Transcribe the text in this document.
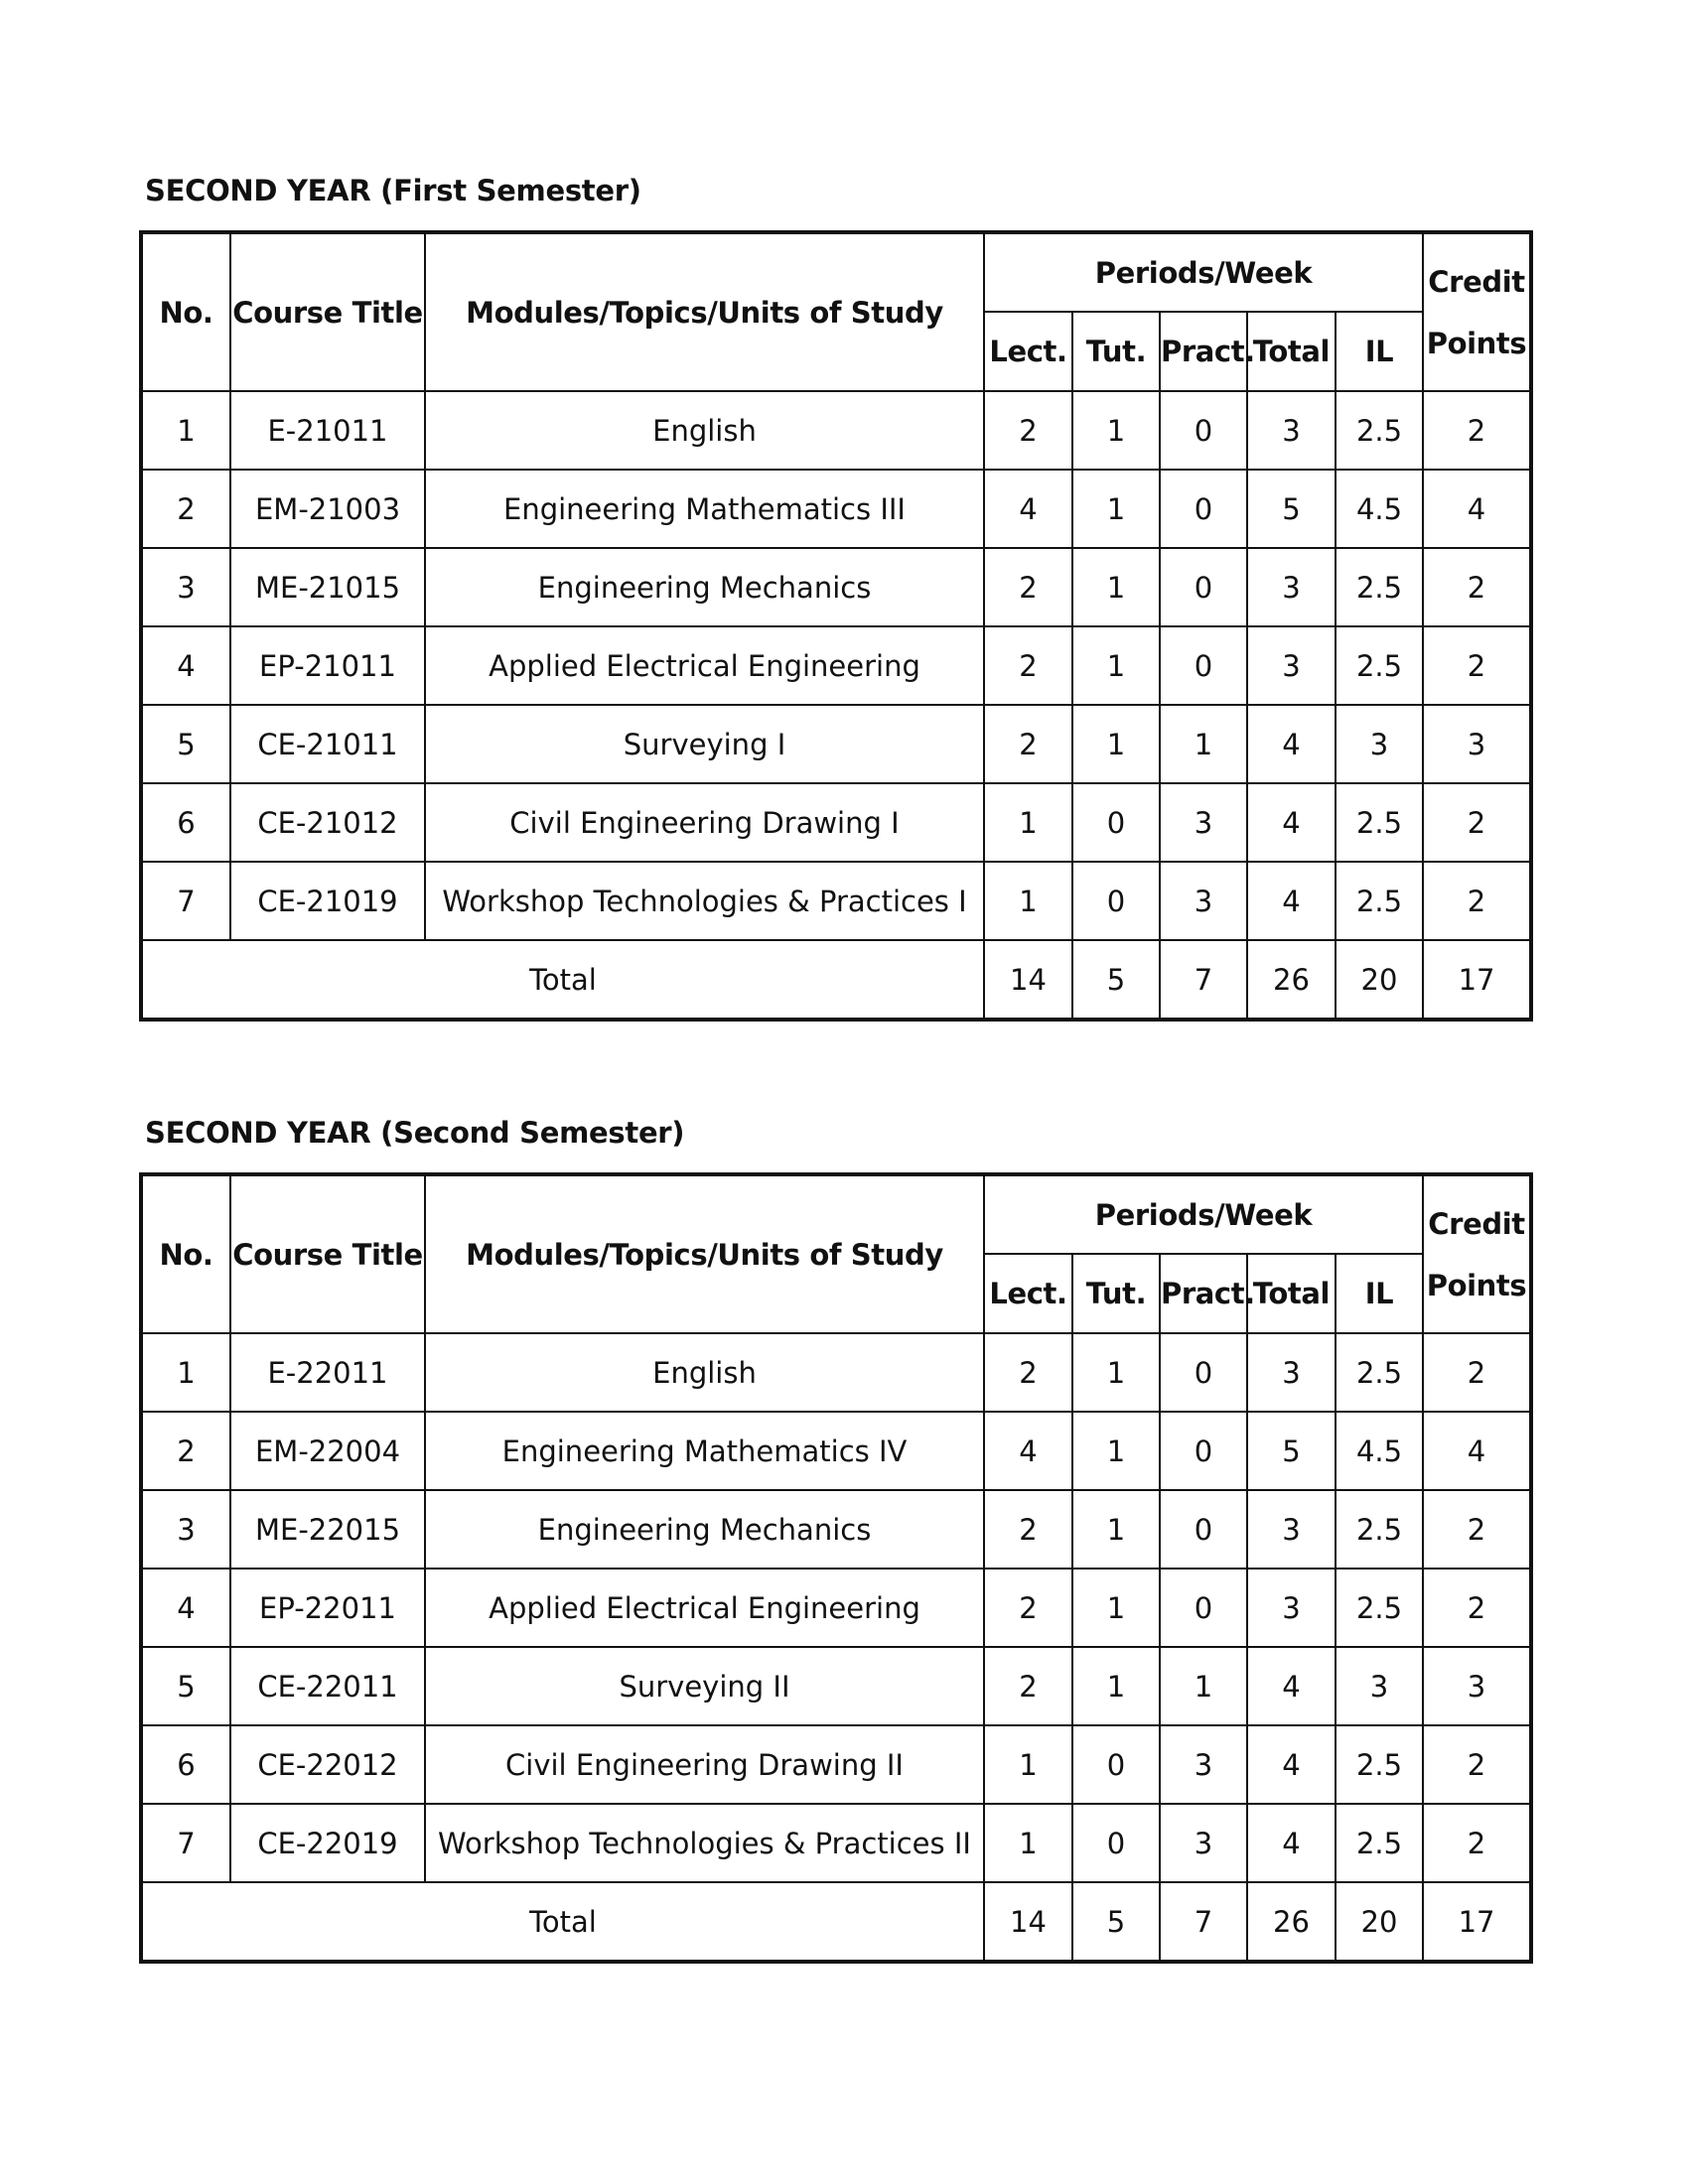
SECOND YEAR (First Semester)
No.	Course Title	Modules/Topics/Units of Study	Periods/Week					Credit
Points
			Lect.	Tut.	Pract.	Total	IL	
1	E-21011	English	2	1	0	3	2.5	2
2	EM-21003	Engineering Mathematics III	4	1	0	5	4.5	4
3	ME-21015	Engineering Mechanics	2	1	0	3	2.5	2
4	EP-21011	Applied Electrical Engineering	2	1	0	3	2.5	2
5	CE-21011	Surveying I	2	1	1	4	3	3
6	CE-21012	Civil Engineering Drawing I	1	0	3	4	2.5	2
7	CE-21019	Workshop Technologies & Practices I	1	0	3	4	2.5	2
Total			14	5	7	26	20	17
SECOND YEAR (Second Semester)
No.	Course Title	Modules/Topics/Units of Study	Periods/Week					Credit
Points
			Lect.	Tut.	Pract.	Total	IL	
1	E-22011	English	2	1	0	3	2.5	2
2	EM-22004	Engineering Mathematics IV	4	1	0	5	4.5	4
3	ME-22015	Engineering Mechanics	2	1	0	3	2.5	2
4	EP-22011	Applied Electrical Engineering	2	1	0	3	2.5	2
5	CE-22011	Surveying II	2	1	1	4	3	3
6	CE-22012	Civil Engineering Drawing II	1	0	3	4	2.5	2
7	CE-22019	Workshop Technologies & Practices II	1	0	3	4	2.5	2
Total			14	5	7	26	20	17
